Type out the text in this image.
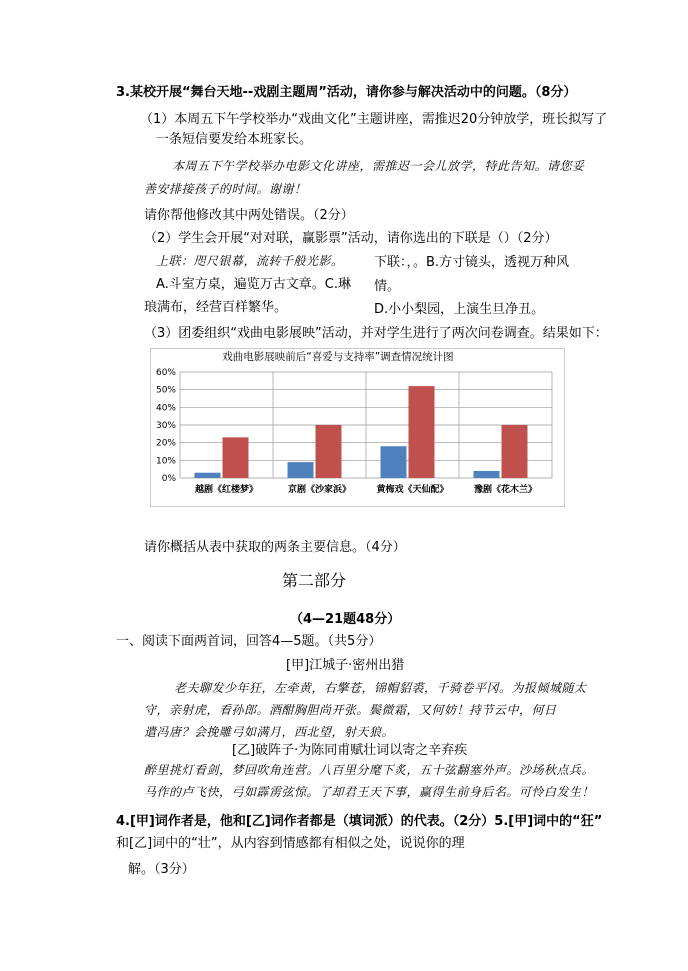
3.某校开展“舞台天地--戏剧主题周”活动，请你参与解决活动中的问题。（8分）
（1）本周五下午学校举办“戏曲文化”主题讲座，需推迟20分钟放学，班长拟写了
一条短信要发给本班家长。
本周五下午学校举办电影文化讲座，需推迟一会儿放学，特此告知。请您妥
善安排接孩子的时间。谢谢！
请你帮他修改其中两处错误。（2分）
（2）学生会开展“对对联，赢影票”活动，请你选出的下联是（）（2分）
上联：咫尺银幕，流转千般光影。 下联：，。B.方寸镜头，透视万种风
A.斗室方桌，遍览万古文章。C.琳 情。
琅满布，经营百样繁华。	D.小小梨园，上演生旦净丑。
（3）团委组织“戏曲电影展映”活动，并对学生进行了两次问卷调查。结果如下：
戏曲电影展映前后“喜爱与支持率”调查情况统计图
0%
10%
20%
30%
40%
50%
60%
越剧《红楼梦》	京剧《沙家浜》	黄梅戏《天仙配》	豫剧《花木兰》
请你概括从表中获取的两条主要信息。（4分）
第二部分
（4—21题48分）
一、阅读下面两首词，回答4—5题。（共5分）
[甲]江城子·密州出猎
老夫聊发少年狂，左牵黄，右擎苍，锦帽貂裘，千骑卷平冈。为报倾城随太
守，亲射虎，看孙郎。酒酣胸胆尚开张。鬓微霜，又何妨！持节云中，何日
遣冯唐？会挽雕弓如满月，西北望，射天狼。
[乙]破阵子·为陈同甫赋壮词以寄之辛弃疾
醉里挑灯看剑，梦回吹角连营。八百里分麾下炙，五十弦翻塞外声。沙场秋点兵。
马作的卢飞快，弓如霹雳弦惊。了却君王天下事，赢得生前身后名。可怜白发生！
4.[甲]词作者是，他和[乙]词作者都是（填词派）的代表。（2分）5.[甲]词中的“狂”
和[乙]词中的“壮”，从内容到情感都有相似之处，说说你的理
解。（3分）
